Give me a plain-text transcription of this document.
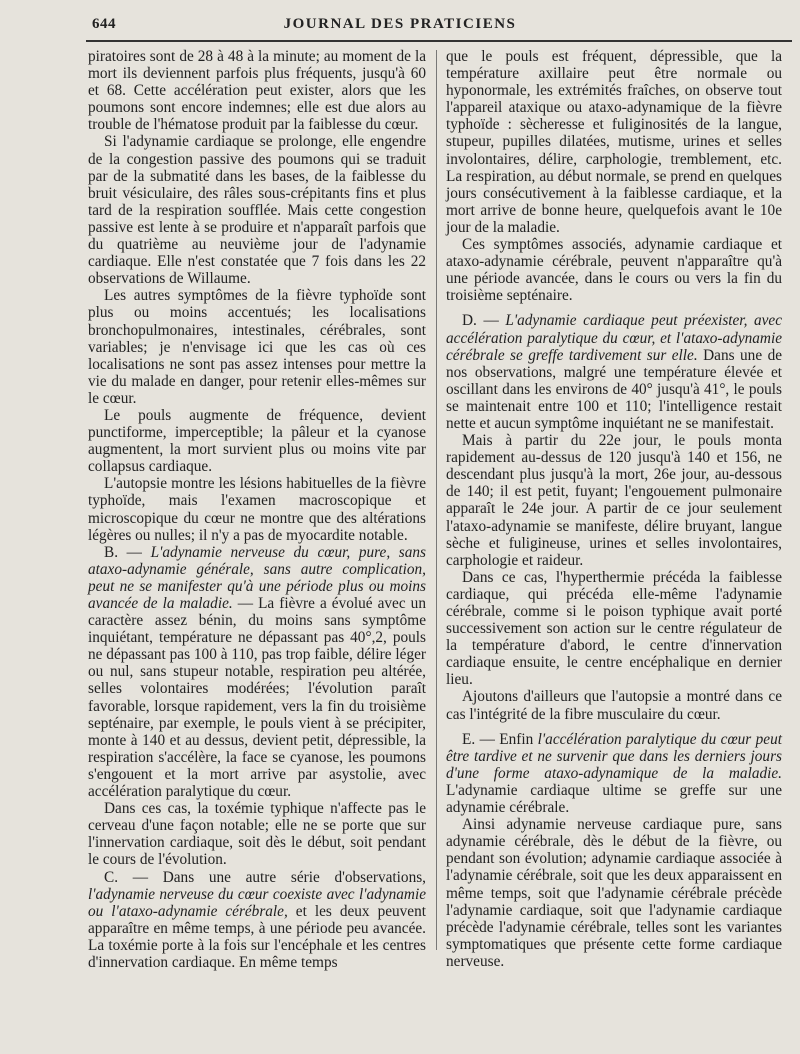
644	JOURNAL DES PRATICIENS

piratoires sont de 28 à 48 à la minute; au moment de la mort ils deviennent parfois plus fréquents, jusqu'à 60 et 68. Cette accélération peut exister, alors que les poumons sont encore indemnes; elle est due alors au trouble de l'hématose produit par la faiblesse du cœur.

Si l'adynamie cardiaque se prolonge, elle engendre de la congestion passive des poumons qui se traduit par de la submatité dans les bases, de la faiblesse du bruit vésiculaire, des râles sous-crépitants fins et plus tard de la respiration soufflée. Mais cette congestion passive est lente à se produire et n'apparaît parfois que du quatrième au neuvième jour de l'adynamie cardiaque. Elle n'est constatée que 7 fois dans les 22 observations de Willaume.

Les autres symptômes de la fièvre typhoïde sont plus ou moins accentués; les localisations bronchopulmonaires, intestinales, cérébrales, sont variables; je n'envisage ici que les cas où ces localisations ne sont pas assez intenses pour mettre la vie du malade en danger, pour retenir elles-mêmes sur le cœur.

Le pouls augmente de fréquence, devient punctiforme, imperceptible; la pâleur et la cyanose augmentent, la mort survient plus ou moins vite par collapsus cardiaque.

L'autopsie montre les lésions habituelles de la fièvre typhoïde, mais l'examen macroscopique et microscopique du cœur ne montre que des altérations légères ou nulles; il n'y a pas de myocardite notable.

B. — L'adynamie nerveuse du cœur, pure, sans ataxo-adynamie générale, sans autre complication, peut ne se manifester qu'à une période plus ou moins avancée de la maladie. — La fièvre a évolué avec un caractère assez bénin, du moins sans symptôme inquiétant, température ne dépassant pas 40°,2, pouls ne dépassant pas 100 à 110, pas trop faible, délire léger ou nul, sans stupeur notable, respiration peu altérée, selles volontaires modérées; l'évolution paraît favorable, lorsque rapidement, vers la fin du troisième septénaire, par exemple, le pouls vient à se précipiter, monte à 140 et au dessus, devient petit, dépressible, la respiration s'accélère, la face se cyanose, les poumons s'engouent et la mort arrive par asystolie, avec accélération paralytique du cœur.

Dans ces cas, la toxémie typhique n'affecte pas le cerveau d'une façon notable; elle ne se porte que sur l'innervation cardiaque, soit dès le début, soit pendant le cours de l'évolution.

C. — Dans une autre série d'observations, l'adynamie nerveuse du cœur coexiste avec l'adynamie ou l'ataxo-adynamie cérébrale, et les deux peuvent apparaître en même temps, à une période peu avancée. La toxémie porte à la fois sur l'encéphale et les centres d'innervation cardiaque. En même temps

que le pouls est fréquent, dépressible, que la température axillaire peut être normale ou hyponormale, les extrémités fraîches, on observe tout l'appareil ataxique ou ataxo-adynamique de la fièvre typhoïde : sècheresse et fuliginosités de la langue, stupeur, pupilles dilatées, mutisme, urines et selles involontaires, délire, carphologie, tremblement, etc. La respiration, au début normale, se prend en quelques jours consécutivement à la faiblesse cardiaque, et la mort arrive de bonne heure, quelquefois avant le 10e jour de la maladie.

Ces symptômes associés, adynamie cardiaque et ataxo-adynamie cérébrale, peuvent n'apparaître qu'à une période avancée, dans le cours ou vers la fin du troisième septénaire.

D. — L'adynamie cardiaque peut préexister, avec accélération paralytique du cœur, et l'ataxo-adynamie cérébrale se greffe tardivement sur elle. Dans une de nos observations, malgré une température élevée et oscillant dans les environs de 40° jusqu'à 41°, le pouls se maintenait entre 100 et 110; l'intelligence restait nette et aucun symptôme inquiétant ne se manifestait.

Mais à partir du 22e jour, le pouls monta rapidement au-dessus de 120 jusqu'à 140 et 156, ne descendant plus jusqu'à la mort, 26e jour, au-dessous de 140; il est petit, fuyant; l'engouement pulmonaire apparaît le 24e jour. A partir de ce jour seulement l'ataxo-adynamie se manifeste, délire bruyant, langue sèche et fuligineuse, urines et selles involontaires, carphologie et raideur.

Dans ce cas, l'hyperthermie précéda la faiblesse cardiaque, qui précéda elle-même l'adynamie cérébrale, comme si le poison typhique avait porté successivement son action sur le centre régulateur de la température d'abord, le centre d'innervation cardiaque ensuite, le centre encéphalique en dernier lieu.

Ajoutons d'ailleurs que l'autopsie a montré dans ce cas l'intégrité de la fibre musculaire du cœur.

E. — Enfin l'accélération paralytique du cœur peut être tardive et ne survenir que dans les derniers jours d'une forme ataxo-adynamique de la maladie. L'adynamie cardiaque ultime se greffe sur une adynamie cérébrale.

Ainsi adynamie nerveuse cardiaque pure, sans adynamie cérébrale, dès le début de la fièvre, ou pendant son évolution; adynamie cardiaque associée à l'adynamie cérébrale, soit que les deux apparaissent en même temps, soit que l'adynamie cérébrale précède l'adynamie cardiaque, soit que l'adynamie cardiaque précède l'adynamie cérébrale, telles sont les variantes symptomatiques que présente cette forme cardiaque nerveuse.
